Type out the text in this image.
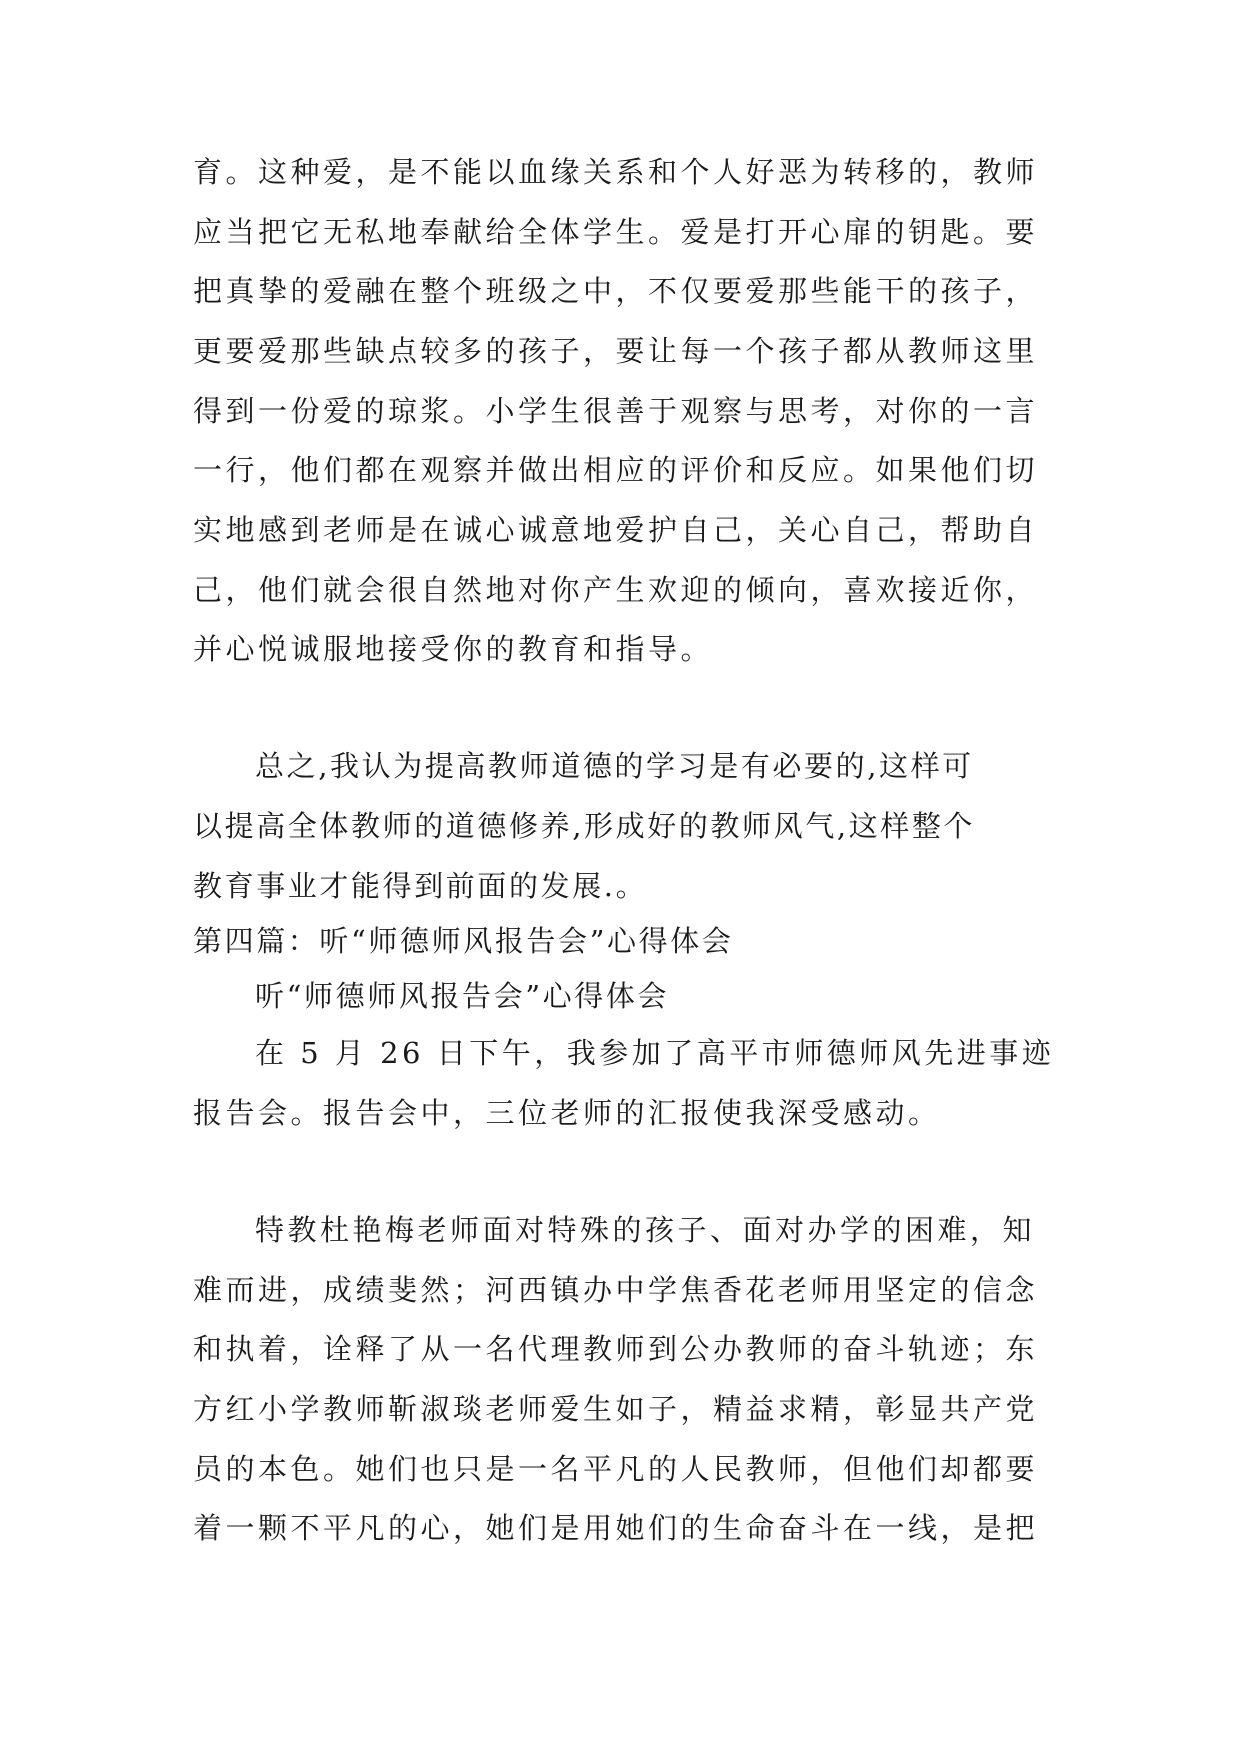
育。这种爱，是不能以血缘关系和个人好恶为转移的，教师
应当把它无私地奉献给全体学生。爱是打开心扉的钥匙。要
把真挚的爱融在整个班级之中，不仅要爱那些能干的孩子，
更要爱那些缺点较多的孩子，要让每一个孩子都从教师这里
得到一份爱的琼浆。小学生很善于观察与思考，对你的一言
一行，他们都在观察并做出相应的评价和反应。如果他们切
实地感到老师是在诚心诚意地爱护自己，关心自己，帮助自
己，他们就会很自然地对你产生欢迎的倾向，喜欢接近你，
并心悦诚服地接受你的教育和指导。
总之,我认为提高教师道德的学习是有必要的,这样可
以提高全体教师的道德修养,形成好的教师风气,这样整个
教育事业才能得到前面的发展.。
第四篇：听“师德师风报告会”心得体会
听“师德师风报告会”心得体会
在 5 月 26 日下午，我参加了高平市师德师风先进事迹
报告会。报告会中，三位老师的汇报使我深受感动。
特教杜艳梅老师面对特殊的孩子、面对办学的困难，知
难而进，成绩斐然；河西镇办中学焦香花老师用坚定的信念
和执着，诠释了从一名代理教师到公办教师的奋斗轨迹；东
方红小学教师靳淑琰老师爱生如子，精益求精，彰显共产党
员的本色。她们也只是一名平凡的人民教师，但他们却都要
着一颗不平凡的心，她们是用她们的生命奋斗在一线，是把
